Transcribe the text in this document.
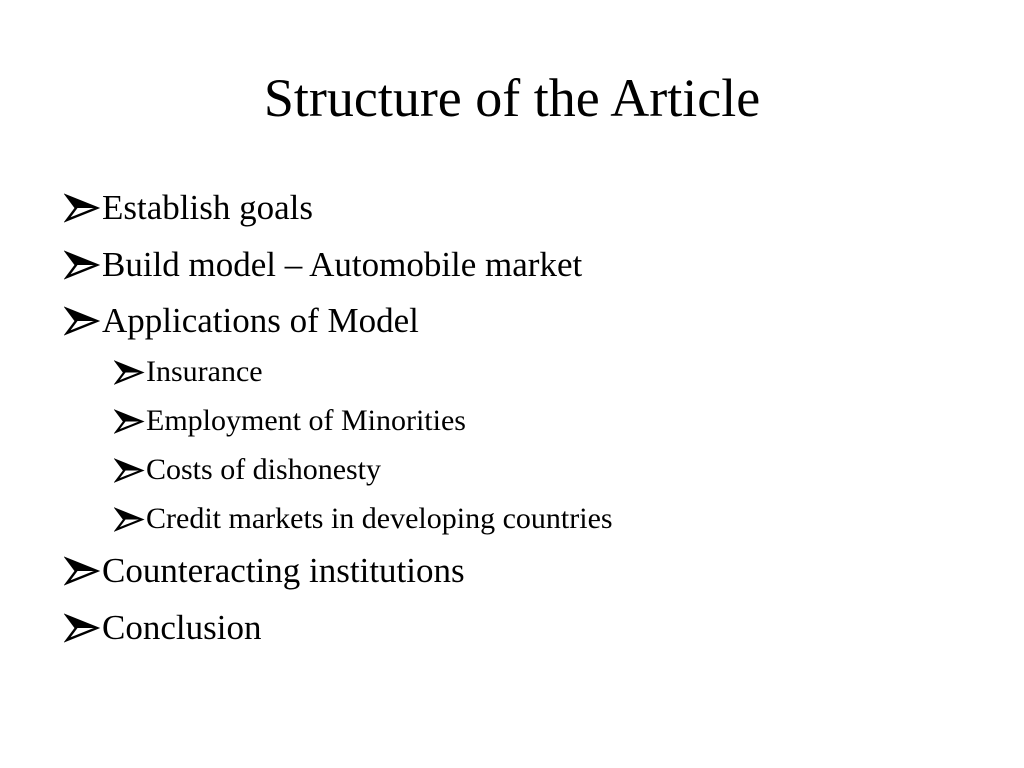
Structure of the Article
Establish goals
Build model – Automobile market
Applications of Model
Insurance
Employment of Minorities
Costs of dishonesty
Credit markets in developing countries
Counteracting institutions
Conclusion
